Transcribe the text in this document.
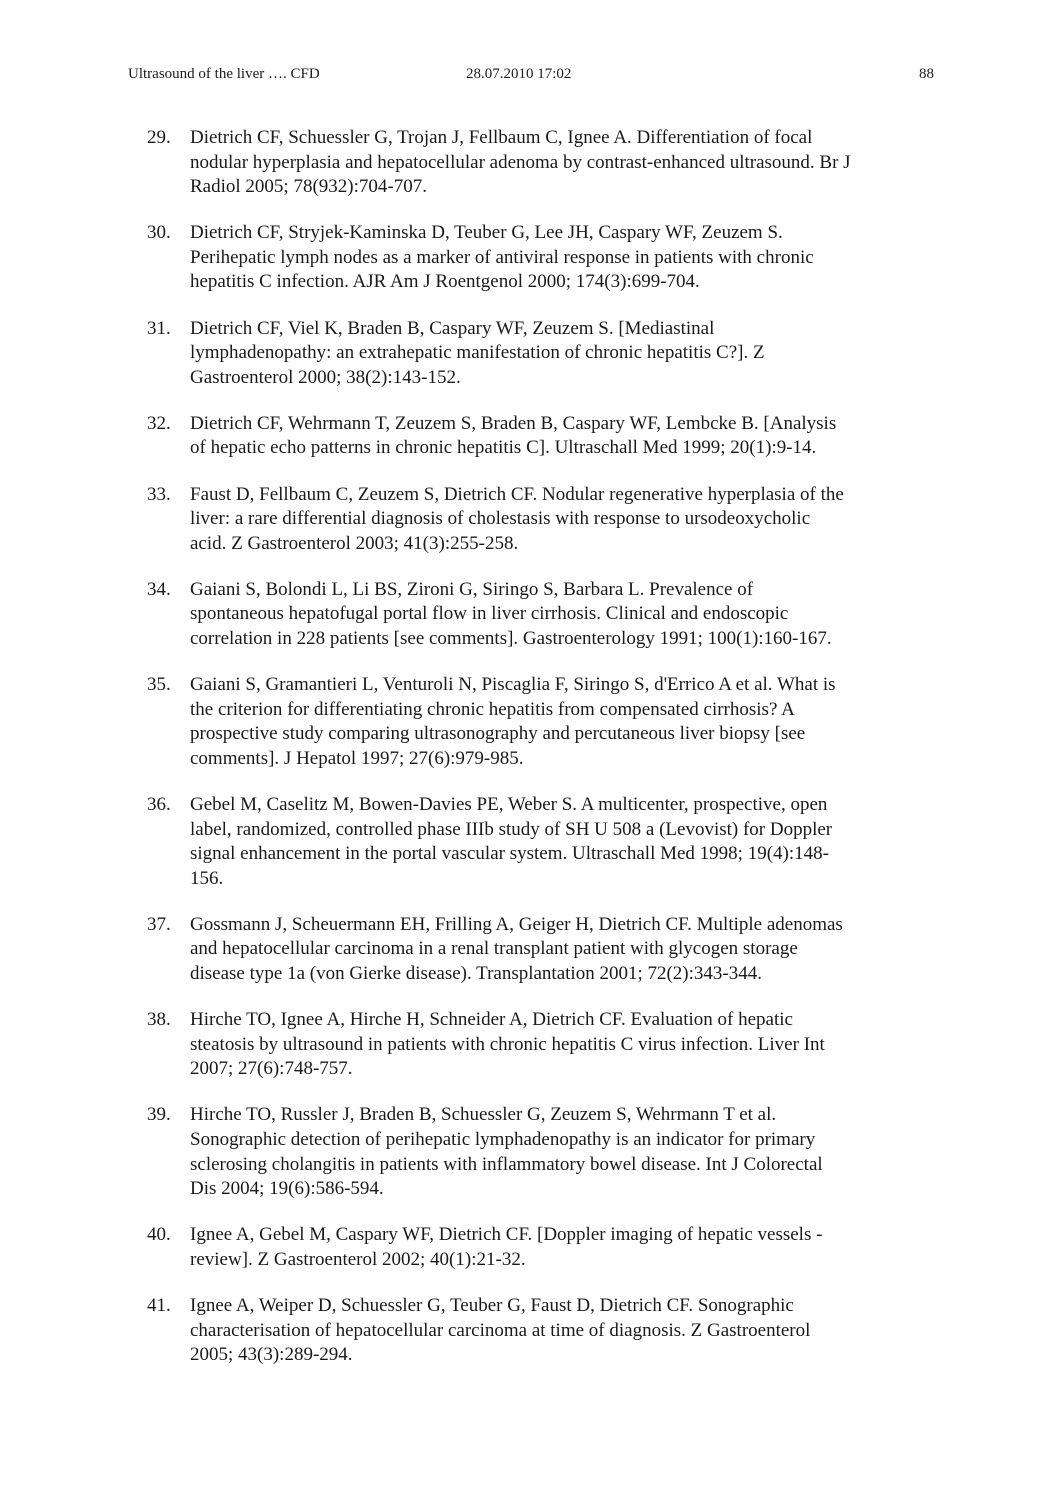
Ultrasound of the liver …. CFD	28.07.2010 17:02	88
29. Dietrich CF, Schuessler G, Trojan J, Fellbaum C, Ignee A. Differentiation of focal
nodular hyperplasia and hepatocellular adenoma by contrast-enhanced ultrasound. Br J
Radiol 2005; 78(932):704-707.
30. Dietrich CF, Stryjek-Kaminska D, Teuber G, Lee JH, Caspary WF, Zeuzem S.
Perihepatic lymph nodes as a marker of antiviral response in patients with chronic
hepatitis C infection. AJR Am J Roentgenol 2000; 174(3):699-704.
31. Dietrich CF, Viel K, Braden B, Caspary WF, Zeuzem S. [Mediastinal
lymphadenopathy: an extrahepatic manifestation of chronic hepatitis C?]. Z
Gastroenterol 2000; 38(2):143-152.
32. Dietrich CF, Wehrmann T, Zeuzem S, Braden B, Caspary WF, Lembcke B. [Analysis
of hepatic echo patterns in chronic hepatitis C]. Ultraschall Med 1999; 20(1):9-14.
33. Faust D, Fellbaum C, Zeuzem S, Dietrich CF. Nodular regenerative hyperplasia of the
liver: a rare differential diagnosis of cholestasis with response to ursodeoxycholic
acid. Z Gastroenterol 2003; 41(3):255-258.
34. Gaiani S, Bolondi L, Li BS, Zironi G, Siringo S, Barbara L. Prevalence of
spontaneous hepatofugal portal flow in liver cirrhosis. Clinical and endoscopic
correlation in 228 patients [see comments]. Gastroenterology 1991; 100(1):160-167.
35. Gaiani S, Gramantieri L, Venturoli N, Piscaglia F, Siringo S, d'Errico A et al. What is
the criterion for differentiating chronic hepatitis from compensated cirrhosis? A
prospective study comparing ultrasonography and percutaneous liver biopsy [see
comments]. J Hepatol 1997; 27(6):979-985.
36. Gebel M, Caselitz M, Bowen-Davies PE, Weber S. A multicenter, prospective, open
label, randomized, controlled phase IIIb study of SH U 508 a (Levovist) for Doppler
signal enhancement in the portal vascular system. Ultraschall Med 1998; 19(4):148-
156.
37. Gossmann J, Scheuermann EH, Frilling A, Geiger H, Dietrich CF. Multiple adenomas
and hepatocellular carcinoma in a renal transplant patient with glycogen storage
disease type 1a (von Gierke disease). Transplantation 2001; 72(2):343-344.
38. Hirche TO, Ignee A, Hirche H, Schneider A, Dietrich CF. Evaluation of hepatic
steatosis by ultrasound in patients with chronic hepatitis C virus infection. Liver Int
2007; 27(6):748-757.
39. Hirche TO, Russler J, Braden B, Schuessler G, Zeuzem S, Wehrmann T et al.
Sonographic detection of perihepatic lymphadenopathy is an indicator for primary
sclerosing cholangitis in patients with inflammatory bowel disease. Int J Colorectal
Dis 2004; 19(6):586-594.
40. Ignee A, Gebel M, Caspary WF, Dietrich CF. [Doppler imaging of hepatic vessels -
review]. Z Gastroenterol 2002; 40(1):21-32.
41. Ignee A, Weiper D, Schuessler G, Teuber G, Faust D, Dietrich CF. Sonographic
characterisation of hepatocellular carcinoma at time of diagnosis. Z Gastroenterol
2005; 43(3):289-294.
